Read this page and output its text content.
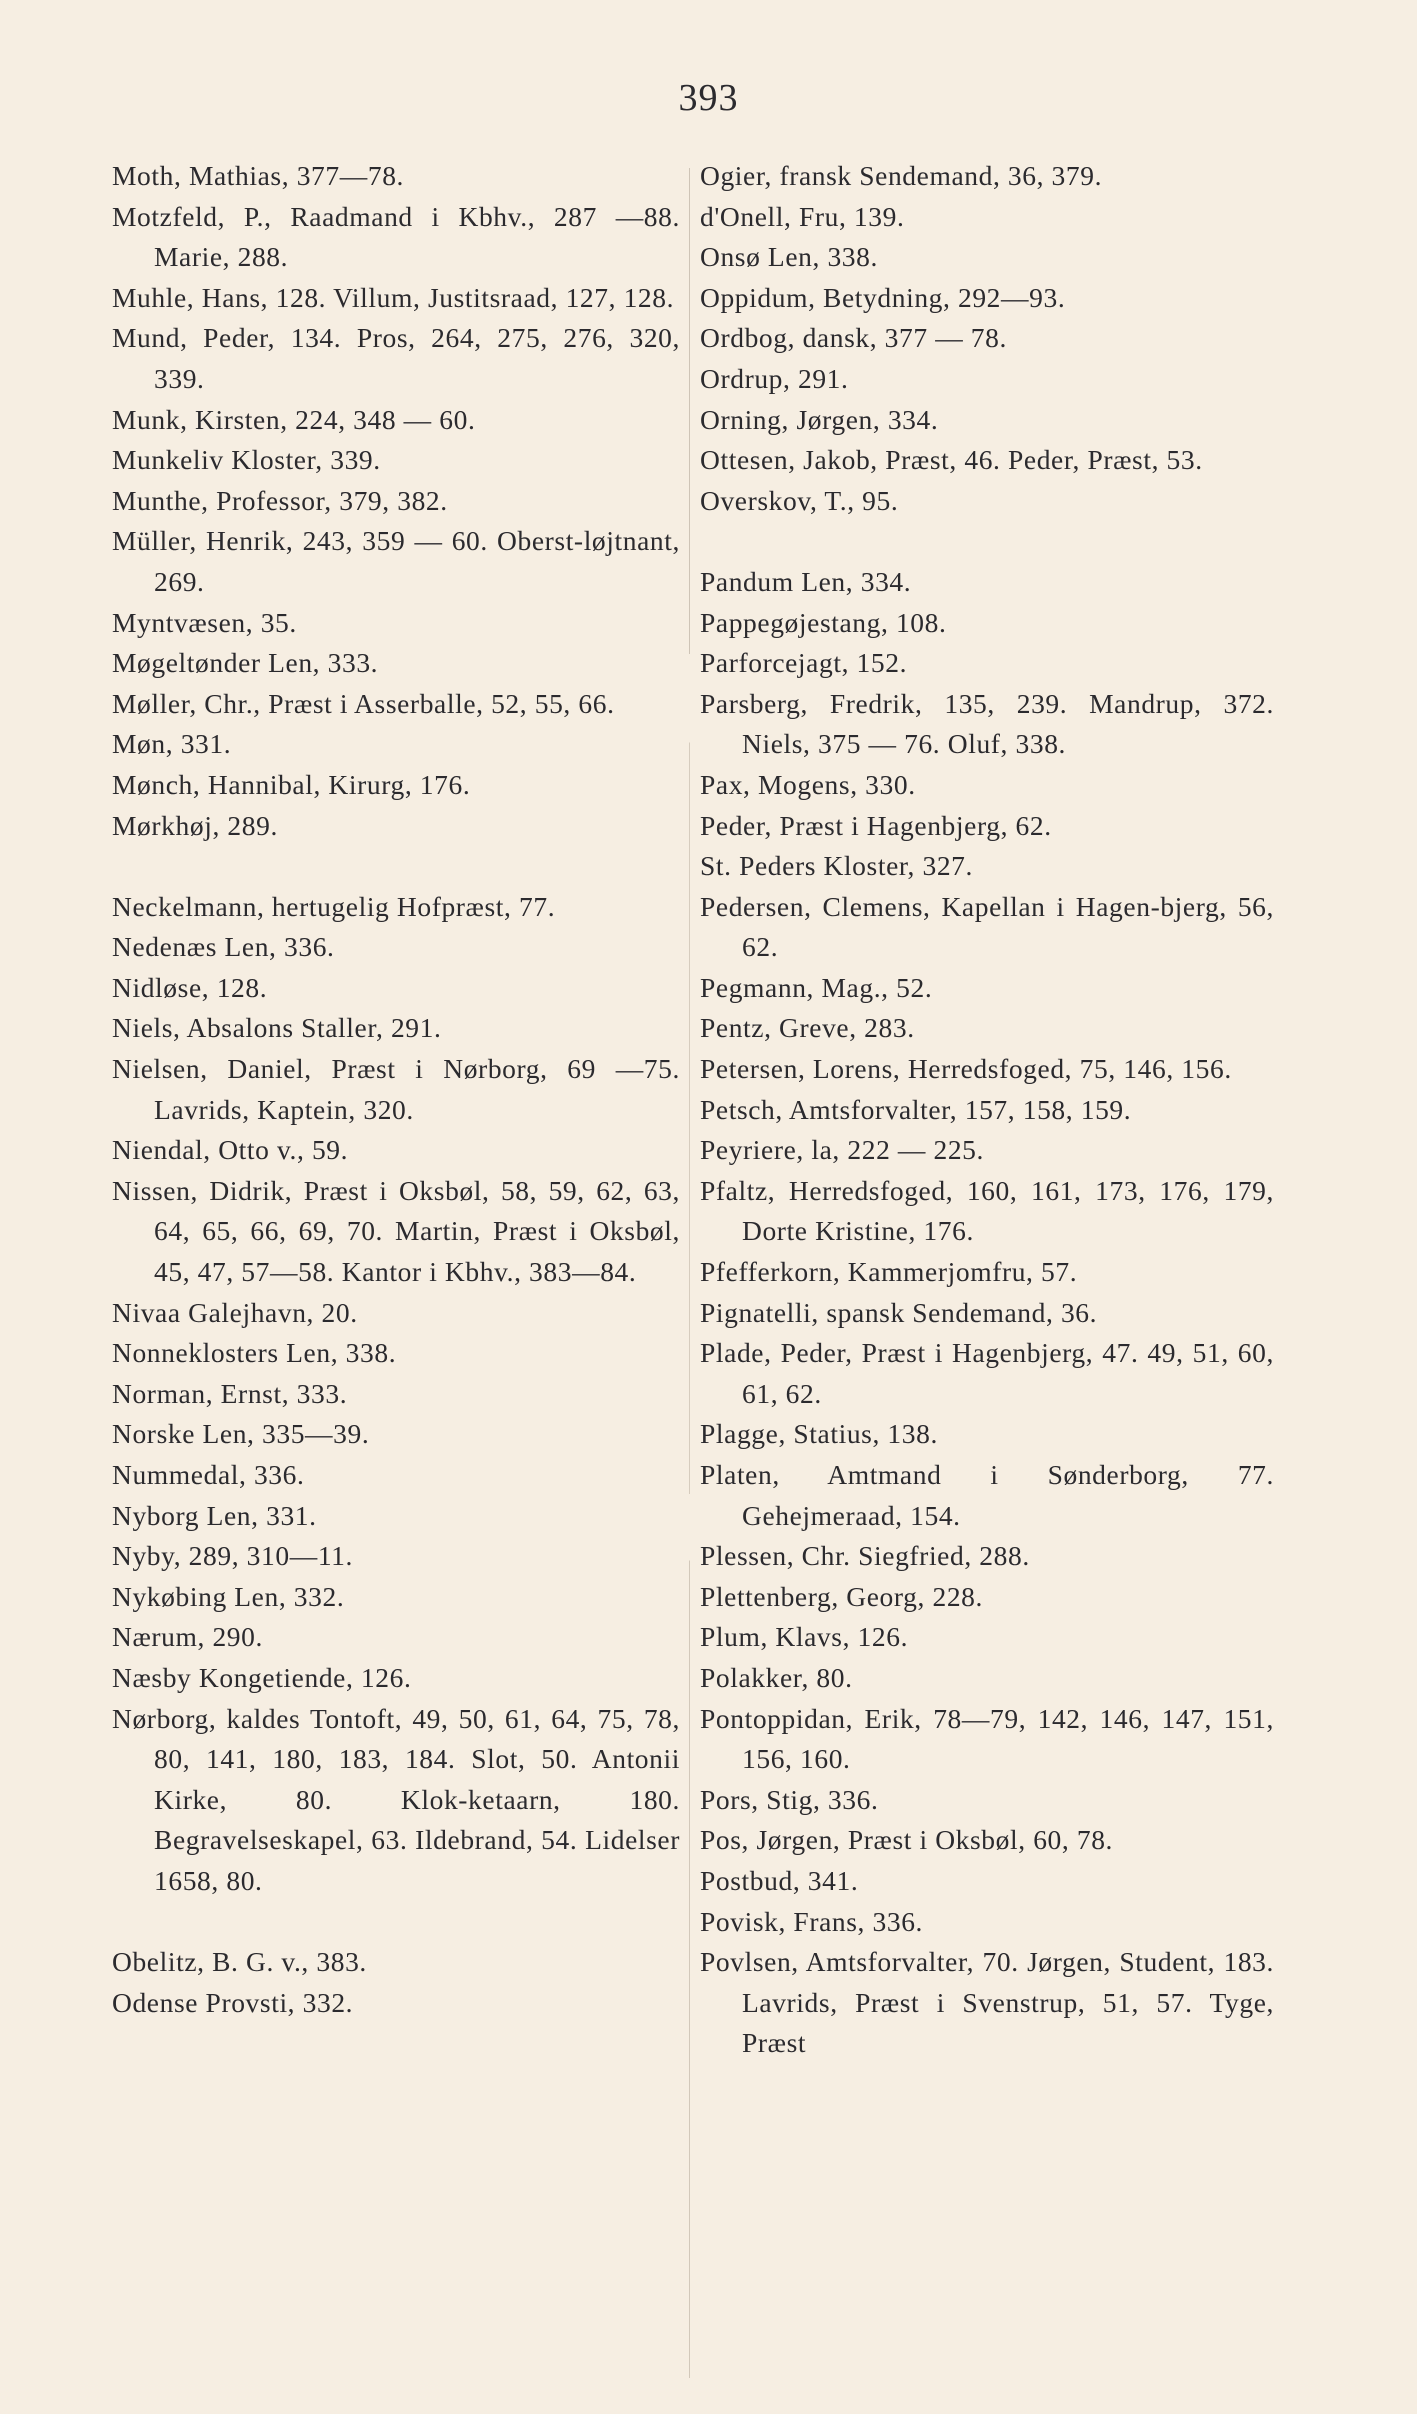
393
Moth, Mathias, 377—78.
Motzfeld, P., Raadmand i Kbhv., 287 —88. Marie, 288.
Muhle, Hans, 128. Villum, Justitsraad, 127, 128.
Mund, Peder, 134. Pros, 264, 275, 276, 320, 339.
Munk, Kirsten, 224, 348 — 60.
Munkeliv Kloster, 339.
Munthe, Professor, 379, 382.
Müller, Henrik, 243, 359 — 60. Oberst-løjtnant, 269.
Myntvæsen, 35.
Møgeltønder Len, 333.
Møller, Chr., Præst i Asserballe, 52, 55, 66.
Møn, 331.
Mønch, Hannibal, Kirurg, 176.
Mørkhøj, 289.
Neckelmann, hertugelig Hofpræst, 77.
Nedenæs Len, 336.
Nidløse, 128.
Niels, Absalons Staller, 291.
Nielsen, Daniel, Præst i Nørborg, 69 —75. Lavrids, Kaptein, 320.
Niendal, Otto v., 59.
Nissen, Didrik, Præst i Oksbøl, 58, 59, 62, 63, 64, 65, 66, 69, 70. Martin, Præst i Oksbøl, 45, 47, 57—58. Kantor i Kbhv., 383—84.
Nivaa Galejhavn, 20.
Nonneklosters Len, 338.
Norman, Ernst, 333.
Norske Len, 335—39.
Nummedal, 336.
Nyborg Len, 331.
Nyby, 289, 310—11.
Nykøbing Len, 332.
Nærum, 290.
Næsby Kongetiende, 126.
Nørborg, kaldes Tontoft, 49, 50, 61, 64, 75, 78, 80, 141, 180, 183, 184. Slot, 50. Antonii Kirke, 80. Klok-ketaarn, 180. Begravelseskapel, 63. Ildebrand, 54. Lidelser 1658, 80.
Obelitz, B. G. v., 383.
Odense Provsti, 332.
Ogier, fransk Sendemand, 36, 379.
d'Onell, Fru, 139.
Onsø Len, 338.
Oppidum, Betydning, 292—93.
Ordbog, dansk, 377 — 78.
Ordrup, 291.
Orning, Jørgen, 334.
Ottesen, Jakob, Præst, 46. Peder, Præst, 53.
Overskov, T., 95.
Pandum Len, 334.
Pappegøjestang, 108.
Parforcejagt, 152.
Parsberg, Fredrik, 135, 239. Mandrup, 372. Niels, 375 — 76. Oluf, 338.
Pax, Mogens, 330.
Peder, Præst i Hagenbjerg, 62.
St. Peders Kloster, 327.
Pedersen, Clemens, Kapellan i Hagen-bjerg, 56, 62.
Pegmann, Mag., 52.
Pentz, Greve, 283.
Petersen, Lorens, Herredsfoged, 75, 146, 156.
Petsch, Amtsforvalter, 157, 158, 159.
Peyriere, la, 222 — 225.
Pfaltz, Herredsfoged, 160, 161, 173, 176, 179, Dorte Kristine, 176.
Pfefferkorn, Kammerjomfru, 57.
Pignatelli, spansk Sendemand, 36.
Plade, Peder, Præst i Hagenbjerg, 47. 49, 51, 60, 61, 62.
Plagge, Statius, 138.
Platen, Amtmand i Sønderborg, 77. Gehejmeraad, 154.
Plessen, Chr. Siegfried, 288.
Plettenberg, Georg, 228.
Plum, Klavs, 126.
Polakker, 80.
Pontoppidan, Erik, 78—79, 142, 146, 147, 151, 156, 160.
Pors, Stig, 336.
Pos, Jørgen, Præst i Oksbøl, 60, 78.
Postbud, 341.
Povisk, Frans, 336.
Povlsen, Amtsforvalter, 70. Jørgen, Student, 183. Lavrids, Præst i Svenstrup, 51, 57. Tyge, Præst
